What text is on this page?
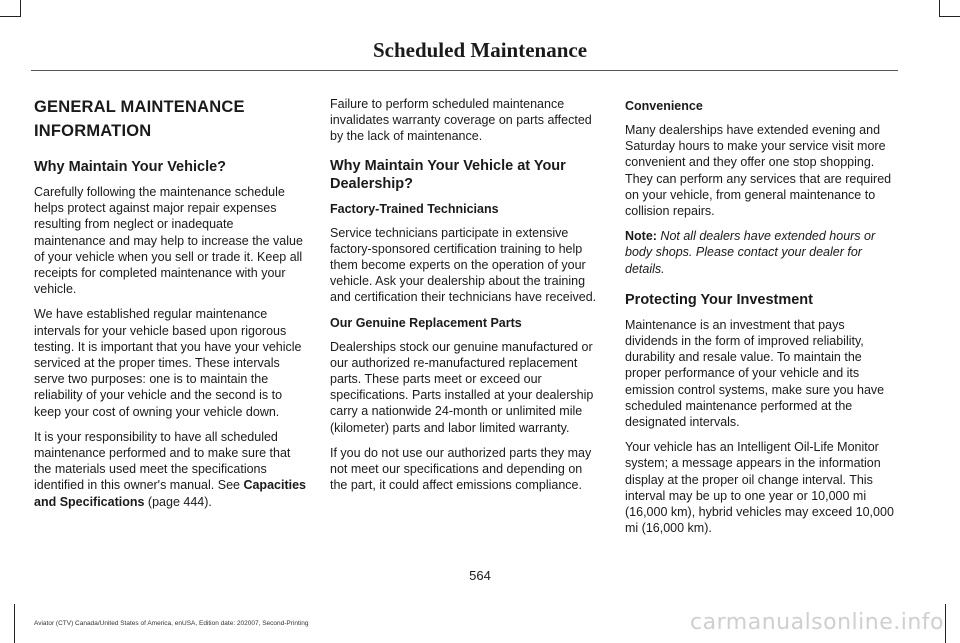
Scheduled Maintenance
GENERAL MAINTENANCE
INFORMATION
Why Maintain Your Vehicle?

Carefully following the maintenance schedule helps protect against major repair expenses resulting from neglect or inadequate maintenance and may help to increase the value of your vehicle when you sell or trade it. Keep all receipts for completed maintenance with your vehicle.

We have established regular maintenance intervals for your vehicle based upon rigorous testing. It is important that you have your vehicle serviced at the proper times. These intervals serve two purposes: one is to maintain the reliability of your vehicle and the second is to keep your cost of owning your vehicle down.

It is your responsibility to have all scheduled maintenance performed and to make sure that the materials used meet the specifications identified in this owner's manual. See Capacities and Specifications (page 444).

Failure to perform scheduled maintenance invalidates warranty coverage on parts affected by the lack of maintenance.

Why Maintain Your Vehicle at Your Dealership?
Factory-Trained Technicians

Service technicians participate in extensive factory-sponsored certification training to help them become experts on the operation of your vehicle. Ask your dealership about the training and certification their technicians have received.

Our Genuine Replacement Parts

Dealerships stock our genuine manufactured or our authorized re-manufactured replacement parts. These parts meet or exceed our specifications. Parts installed at your dealership carry a nationwide 24-month or unlimited mile (kilometer) parts and labor limited warranty.

If you do not use our authorized parts they may not meet our specifications and depending on the part, it could affect emissions compliance.

Convenience

Many dealerships have extended evening and Saturday hours to make your service visit more convenient and they offer one stop shopping. They can perform any services that are required on your vehicle, from general maintenance to collision repairs.

Note: Not all dealers have extended hours or body shops. Please contact your dealer for details.

Protecting Your Investment

Maintenance is an investment that pays dividends in the form of improved reliability, durability and resale value. To maintain the proper performance of your vehicle and its emission control systems, make sure you have scheduled maintenance performed at the designated intervals.

Your vehicle has an Intelligent Oil-Life Monitor system; a message appears in the information display at the proper oil change interval. This interval may be up to one year or 10,000 mi (16,000 km), hybrid vehicles may exceed 10,000 mi (16,000 km).

564
Aviator (CTV) Canada/United States of America, enUSA, Edition date: 202007, Second-Printing	carmanualsonline.info
